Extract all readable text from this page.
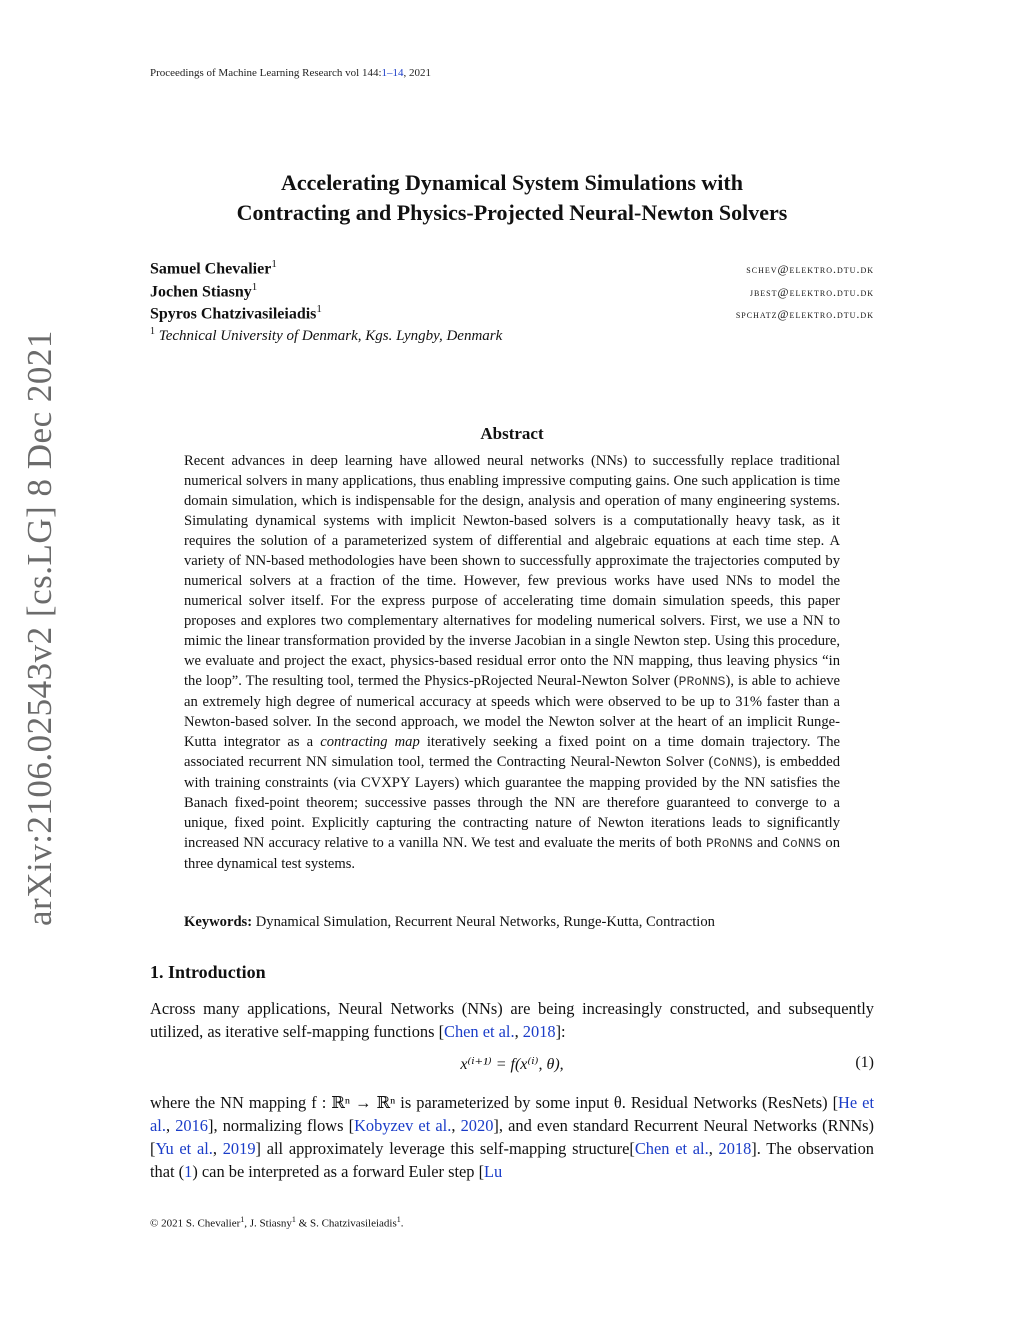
Proceedings of Machine Learning Research vol 144:1–14, 2021
Accelerating Dynamical System Simulations with
Contracting and Physics-Projected Neural-Newton Solvers
Samuel Chevalier$^1$	schev@elektro.dtu.dk
Jochen Stiasny$^1$	jbest@elektro.dtu.dk
Spyros Chatzivasileiadis$^1$	spchatz@elektro.dtu.dk
$^1$ Technical University of Denmark, Kgs. Lyngby, Denmark
arXiv:2106.02543v2 [cs.LG] 8 Dec 2021	Abstract
Recent advances in deep learning have allowed neural networks (NNs) to successfully replace traditional numerical solvers in many applications, thus enabling impressive computing gains. One such application is time domain simulation, which is indispensable for the design, analysis and operation of many engineering systems. Simulating dynamical systems with implicit Newton-based solvers is a computationally heavy task, as it requires the solution of a parameterized system of differential and algebraic equations at each time step. A variety of NN-based methodologies have been shown to successfully approximate the trajectories computed by numerical solvers at a fraction of the time. However, few previous works have used NNs to model the numerical solver itself. For the express purpose of accelerating time domain simulation speeds, this paper proposes and explores two complementary alternatives for modeling numerical solvers. First, we use a NN to mimic the linear transformation provided by the inverse Jacobian in a single Newton step. Using this procedure, we evaluate and project the exact, physics-based residual error onto the NN mapping, thus leaving physics “in the loop”. The resulting tool, termed the Physics-pRojected Neural-Newton Solver (PRoNNS), is able to achieve an extremely high degree of numerical accuracy at speeds which were observed to be up to 31% faster than a Newton-based solver. In the second approach, we model the Newton solver at the heart of an implicit Runge-Kutta integrator as a contracting map iteratively seeking a fixed point on a time domain trajectory. The associated recurrent NN simulation tool, termed the Contracting Neural-Newton Solver (CoNNS), is embedded with training constraints (via CVXPY Layers) which guarantee the mapping provided by the NN satisfies the Banach fixed-point theorem; successive passes through the NN are therefore guaranteed to converge to a unique, fixed point. Explicitly capturing the contracting nature of Newton iterations leads to significantly increased NN accuracy relative to a vanilla NN. We test and evaluate the merits of both PRoNNS and CoNNS on three dynamical test systems.
Keywords: Dynamical Simulation, Recurrent Neural Networks, Runge-Kutta, Contraction
1. Introduction
Across many applications, Neural Networks (NNs) are being increasingly constructed, and subsequently utilized, as iterative self-mapping functions [Chen et al., 2018]:
x⁽ⁱ⁺¹⁾ = f(x⁽ⁱ⁾, θ),	(1)
where the NN mapping f : ℝⁿ → ℝⁿ is parameterized by some input θ. Residual Networks (ResNets) [He et al., 2016], normalizing flows [Kobyzev et al., 2020], and even standard Recurrent Neural Networks (RNNs) [Yu et al., 2019] all approximately leverage this self-mapping structure[Chen et al., 2018]. The observation that (1) can be interpreted as a forward Euler step [Lu
© 2021 S. Chevalier$^1$, J. Stiasny$^1$ & S. Chatzivasileiadis$^1$.
